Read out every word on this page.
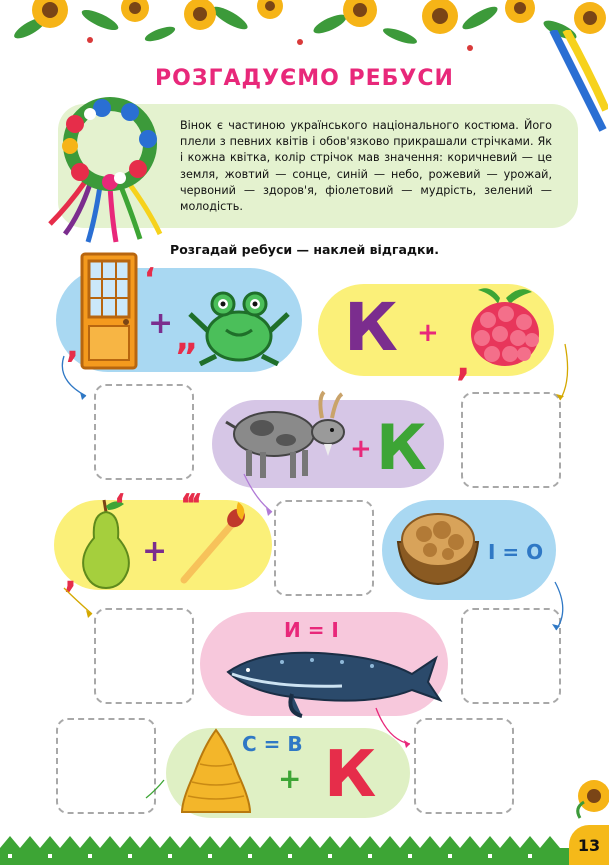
РОЗГАДУЄМО РЕБУСИ
Вінок є частиною українського національного костюма. Його плели з певних квітів і обов'язково прикрашали стрічками. Як і кожна квітка, колір стрічок мав значення: коричневий — це земля, жовтий — сонце, синій — небо, рожевий — урожай, червоний — здоров'я, фіолетовий — мудрість, зелений — молодість.
Розгадай ребуси — наклей відгадки.
‘
,
+ ,, К +
,
+ К
‘
,
+
‘‘‘
І = О
И = І
С = В
+ К
13
